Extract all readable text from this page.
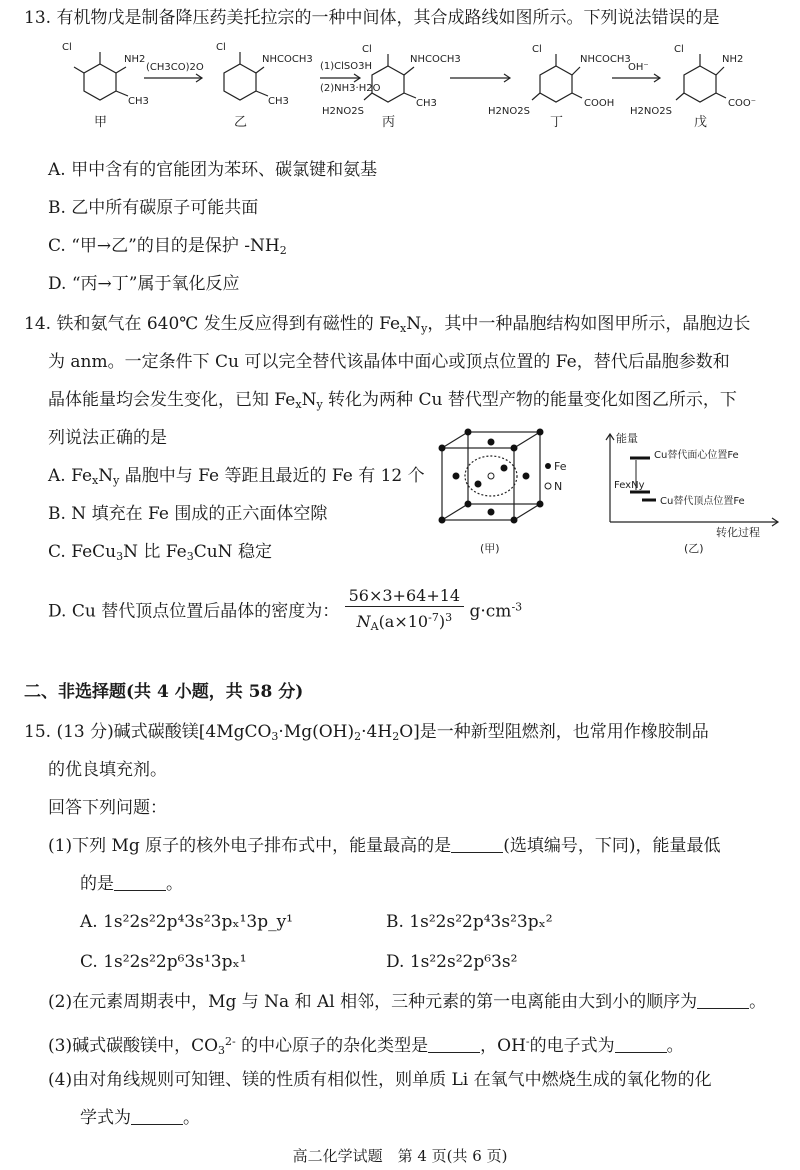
13. 有机物戊是制备降压药美托拉宗的一种中间体，其合成路线如图所示。下列说法错误的是
Cl
NH2
CH3
(CH3CO)2O
Cl
NHCOCH3
CH3
(1)ClSO3H
(2)NH3·H2O
Cl
NHCOCH3
CH3
H2NO2S
Cl
NHCOCH3
COOH
H2NO2S
OH⁻
Cl
NH2
COO⁻
H2NO2S
甲	乙	丙	丁	戊
A. 甲中含有的官能团为苯环、碳氯键和氨基
B. 乙中所有碳原子可能共面
C. “甲→乙”的目的是保护 $-NH_2$
D. “丙→丁”属于氧化反应
14. 铁和氨气在 640℃ 发生反应得到有磁性的 $Fe_xN_y$，其中一种晶胞结构如图甲所示，晶胞边长
为 anm。一定条件下 Cu 可以完全替代该晶体中面心或顶点位置的 Fe，替代后晶胞参数和
晶体能量均会发生变化，已知 $Fe_xN_y$ 转化为两种 Cu 替代型产物的能量变化如图乙所示，下
列说法正确的是
A. $Fe_xN_y$ 晶胞中与 Fe 等距且最近的 Fe 有 12 个
B. N 填充在 Fe 围成的正六面体空隙
C. FeCu$_3$N 比 $Fe_3CuN$ 稳定
D. Cu 替代顶点位置后晶体的密度为： $\frac{56\times 3+64+14}{N_A(a\times 10^{-7})^3} g\cdot cm^{-3}$
Fe
N
(甲)
能量
Cu替代面心位置Fe
FexNy
Cu替代顶点位置Fe
转化过程
(乙)
二、非选择题(共 4 小题，共 58 分)
15. (13 分)碱式碳酸镁$[4MgCO_3\cdot Mg(OH)_2\cdot 4H_2O]$是一种新型阻燃剂，也常用作橡胶制品
的优良填充剂。
回答下列问题：
(1)下列 Mg 原子的核外电子排布式中，能量最高的是	(选填编号，下同)，能量最低
的是	。
A. 1s²2s²2p⁴3s²3pₓ¹3p_y¹	B. 1s²2s²2p⁴3s²3pₓ²
C. 1s²2s²2p⁶3s¹3pₓ¹	D. 1s²2s²2p⁶3s²
(2)在元素周期表中，Mg 与 Na 和 Al 相邻，三种元素的第一电离能由大到小的顺序为	。
(3)碱式碳酸镁中，$CO_3^{2-}$ 的中心原子的杂化类型是	，OH-的电子式为	。
(4)由对角线规则可知锂、镁的性质有相似性，则单质 Li 在氧气中燃烧生成的氧化物的化
学式为	。
高二化学试题　第 4 页(共 6 页)
